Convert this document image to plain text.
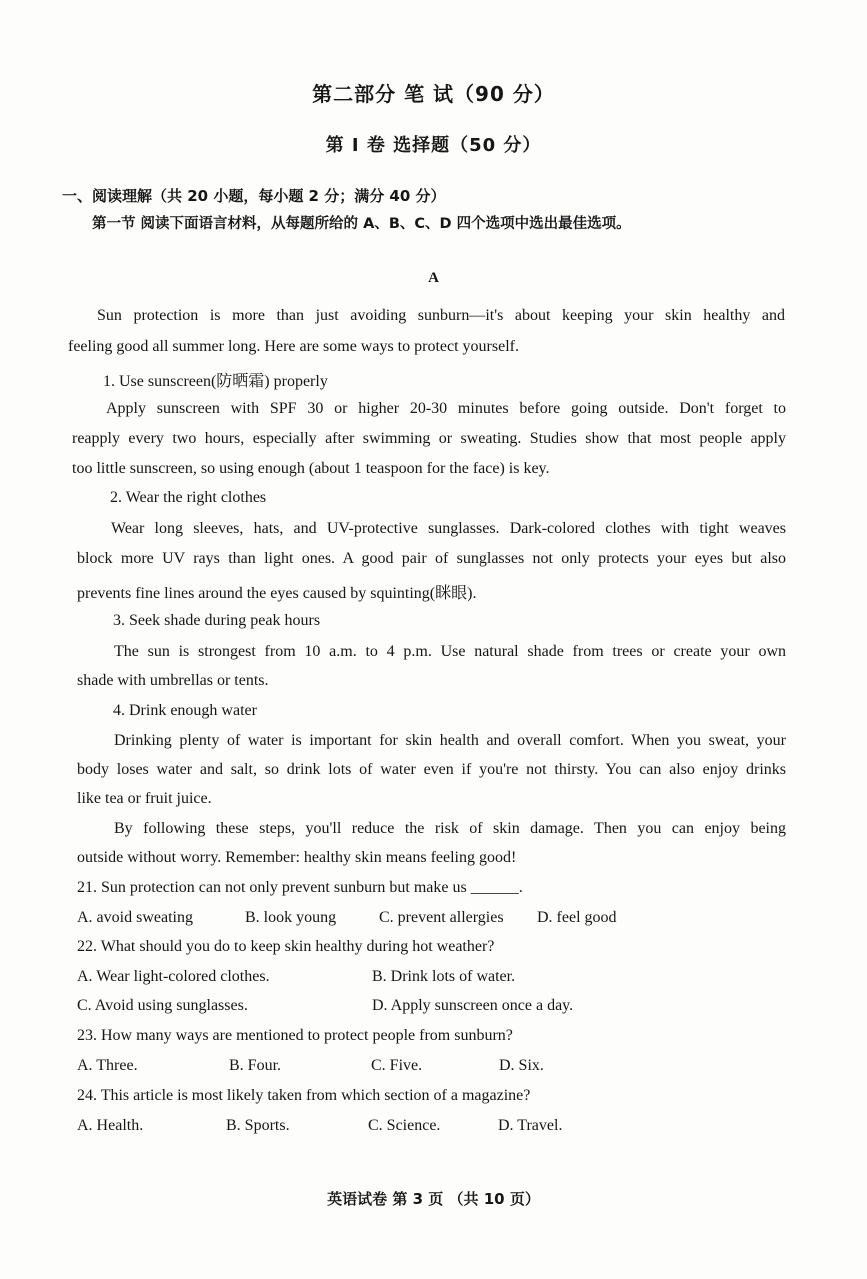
第二部分 笔 试（90 分）
第 Ⅰ 卷 选择题（50 分）
一、阅读理解（共 20 小题，每小题 2 分；满分 40 分）
第一节 阅读下面语言材料，从每题所给的 A、B、C、D 四个选项中选出最佳选项。
A
Sun protection is more than just avoiding sunburn—it's about keeping your skin healthy and
feeling good all summer long. Here are some ways to protect yourself.
1. Use sunscreen(防晒霜) properly
Apply sunscreen with SPF 30 or higher 20-30 minutes before going outside. Don't forget to
reapply every two hours, especially after swimming or sweating. Studies show that most people apply
too little sunscreen, so using enough (about 1 teaspoon for the face) is key.
2. Wear the right clothes
Wear long sleeves, hats, and UV-protective sunglasses. Dark-colored clothes with tight weaves
block more UV rays than light ones. A good pair of sunglasses not only protects your eyes but also
prevents fine lines around the eyes caused by squinting(眯眼).
3. Seek shade during peak hours
The sun is strongest from 10 a.m. to 4 p.m. Use natural shade from trees or create your own
shade with umbrellas or tents.
4. Drink enough water
Drinking plenty of water is important for skin health and overall comfort. When you sweat, your
body loses water and salt, so drink lots of water even if you're not thirsty. You can also enjoy drinks
like tea or fruit juice.
By following these steps, you'll reduce the risk of skin damage. Then you can enjoy being
outside without worry. Remember: healthy skin means feeling good!
21. Sun protection can not only prevent sunburn but make us ______.
A. avoid sweating	B. look young	C. prevent allergies D. feel good
22. What should you do to keep skin healthy during hot weather?
A. Wear light-colored clothes.	B. Drink lots of water.
C. Avoid using sunglasses.	D. Apply sunscreen once a day.
23. How many ways are mentioned to protect people from sunburn?
A. Three.	B. Four.	C. Five.	D. Six.
24. This article is most likely taken from which section of a magazine?
A. Health.	B. Sports.	C. Science.	D. Travel.
英语试卷 第 3 页 （共 10 页）
